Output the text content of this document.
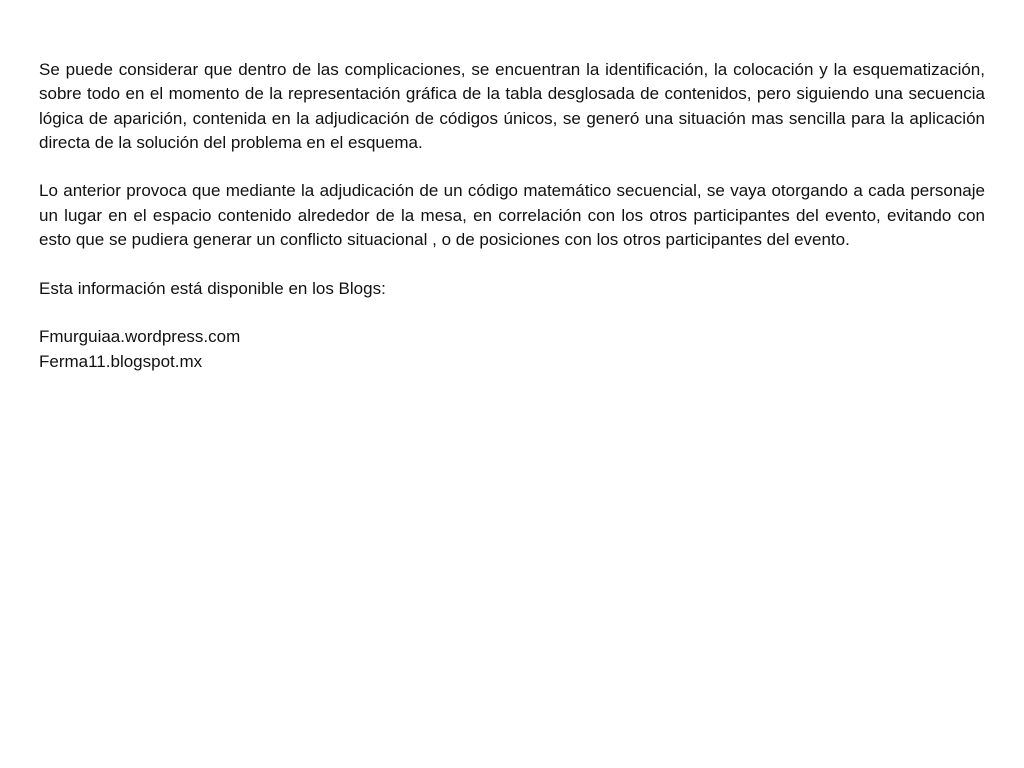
Se puede considerar que dentro de las complicaciones, se encuentran la identificación, la colocación y la esquematización, sobre todo en el momento de la representación gráfica de la tabla desglosada de contenidos, pero siguiendo una secuencia lógica de aparición, contenida en la adjudicación de códigos únicos, se generó una situación mas sencilla para la aplicación directa de la solución del problema en el esquema.

Lo anterior provoca que mediante la adjudicación de un código matemático secuencial, se vaya otorgando a cada personaje un lugar en el espacio contenido alrededor de la mesa, en correlación con los otros participantes del evento, evitando con esto que se pudiera generar un conflicto situacional , o de posiciones con los otros participantes del evento.

Esta información está disponible en los Blogs:

Fmurguiaa.wordpress.com

Ferma11.blogspot.mx
